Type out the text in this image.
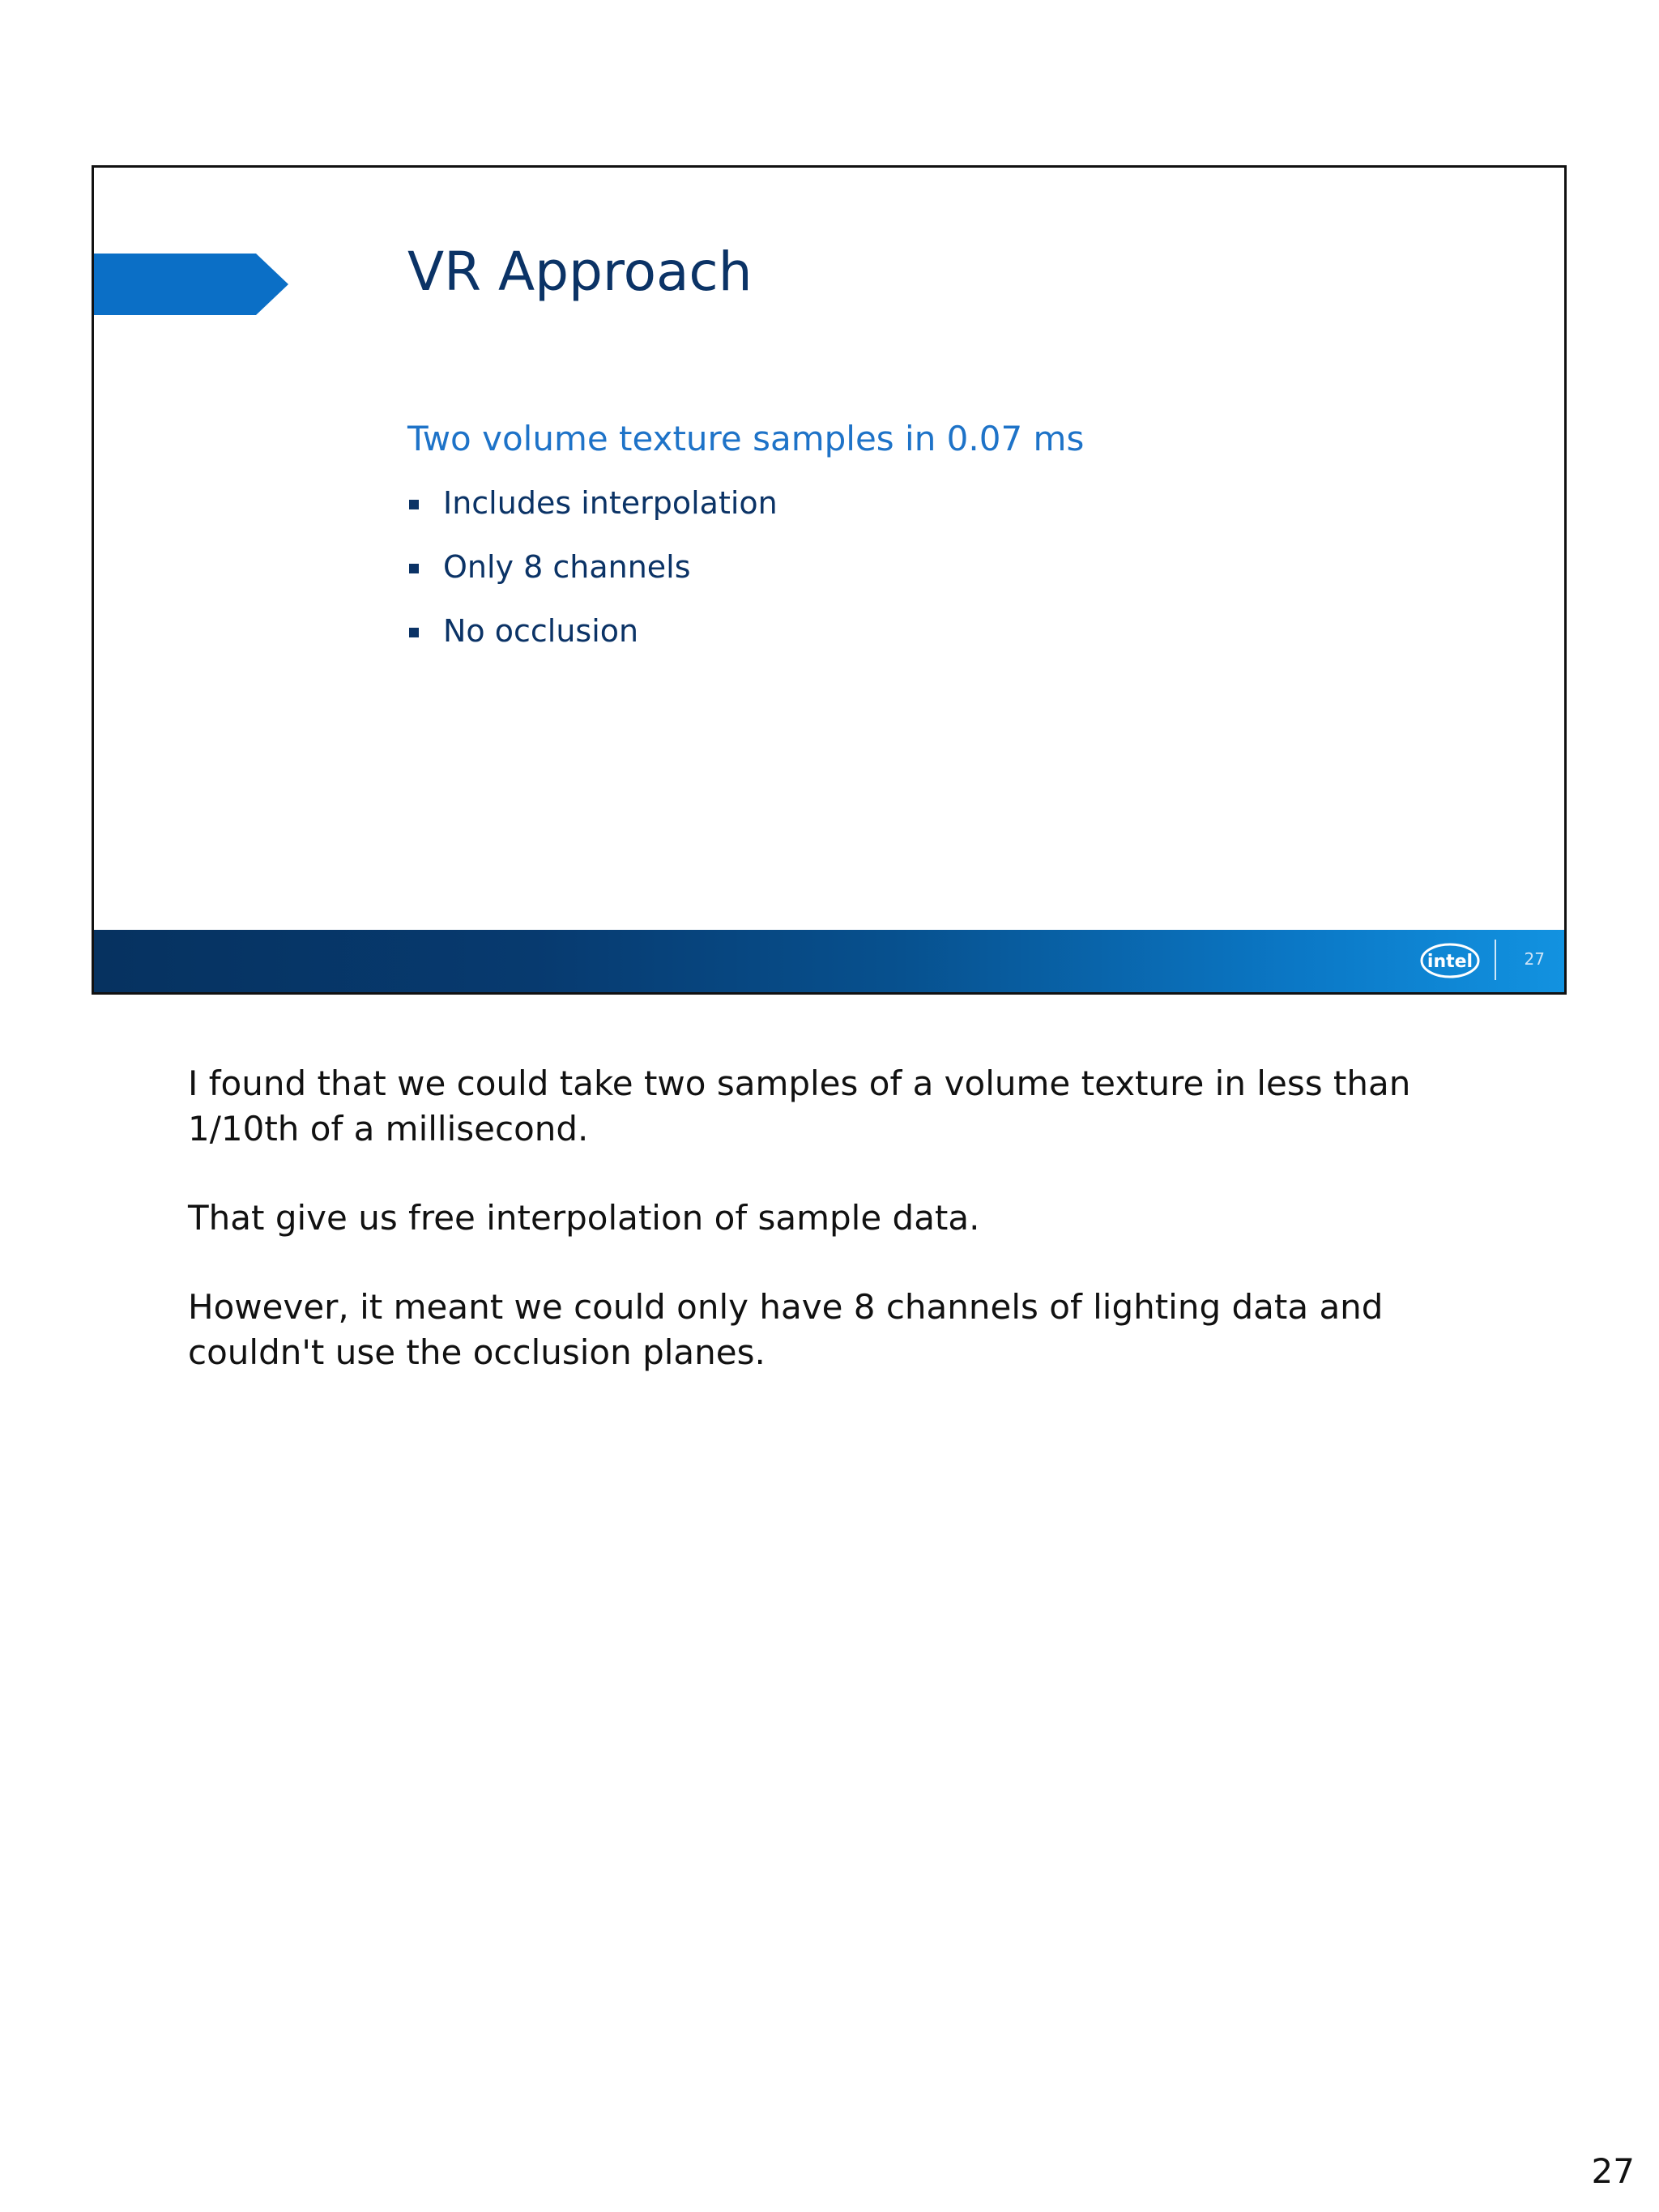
VR Approach
Two volume texture samples in 0.07 ms
Includes interpolation
Only 8 channels
No occlusion
intel	27

I found that we could take two samples of a volume texture in less than 1/10th of a millisecond.

That give us free interpolation of sample data.

However, it meant we could only have 8 channels of lighting data and couldn't use the occlusion planes.

27
